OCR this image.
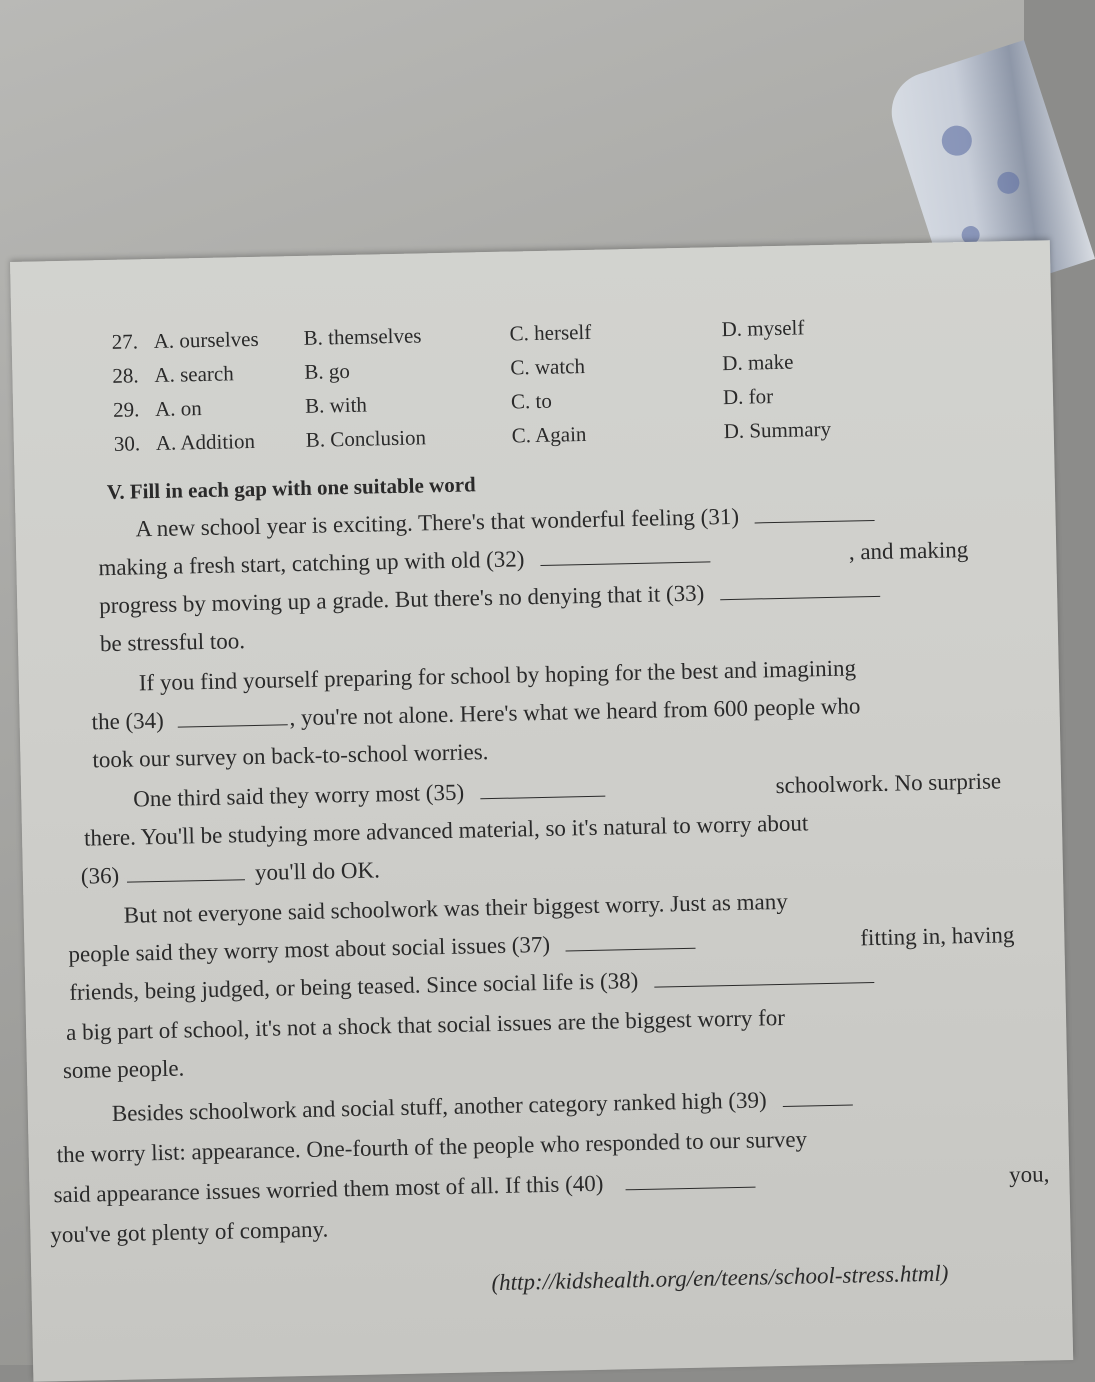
27. A. ourselves B. themselves	C. herself	D. myself
28. A. search	B. go	C. watch	D. make
29. A. on	B. with	C. to	D. for
30. A. Addition B. Conclusion	C. Again	D. Summary
V. Fill in each gap with one suitable word
A new school year is exciting. There's that wonderful feeling (31)
making a fresh start, catching up with old (32)	, and making
progress by moving up a grade. But there's no denying that it (33)
be stressful too.
If you find yourself preparing for school by hoping for the best and imagining
the (34)	, you're not alone. Here's what we heard from 600 people who
took our survey on back-to-school worries.
One third said they worry most (35)	schoolwork. No surprise
there. You'll be studying more advanced material, so it's natural to worry about
(36)	you'll do OK.
But not everyone said schoolwork was their biggest worry. Just as many
people said they worry most about social issues (37)	fitting in, having
friends, being judged, or being teased. Since social life is (38)
a big part of school, it's not a shock that social issues are the biggest worry for
some people.
Besides schoolwork and social stuff, another category ranked high (39)
the worry list: appearance. One-fourth of the people who responded to our survey
said appearance issues worried them most of all. If this (40)	you,
you've got plenty of company.
(http://kidshealth.org/en/teens/school-stress.html)
